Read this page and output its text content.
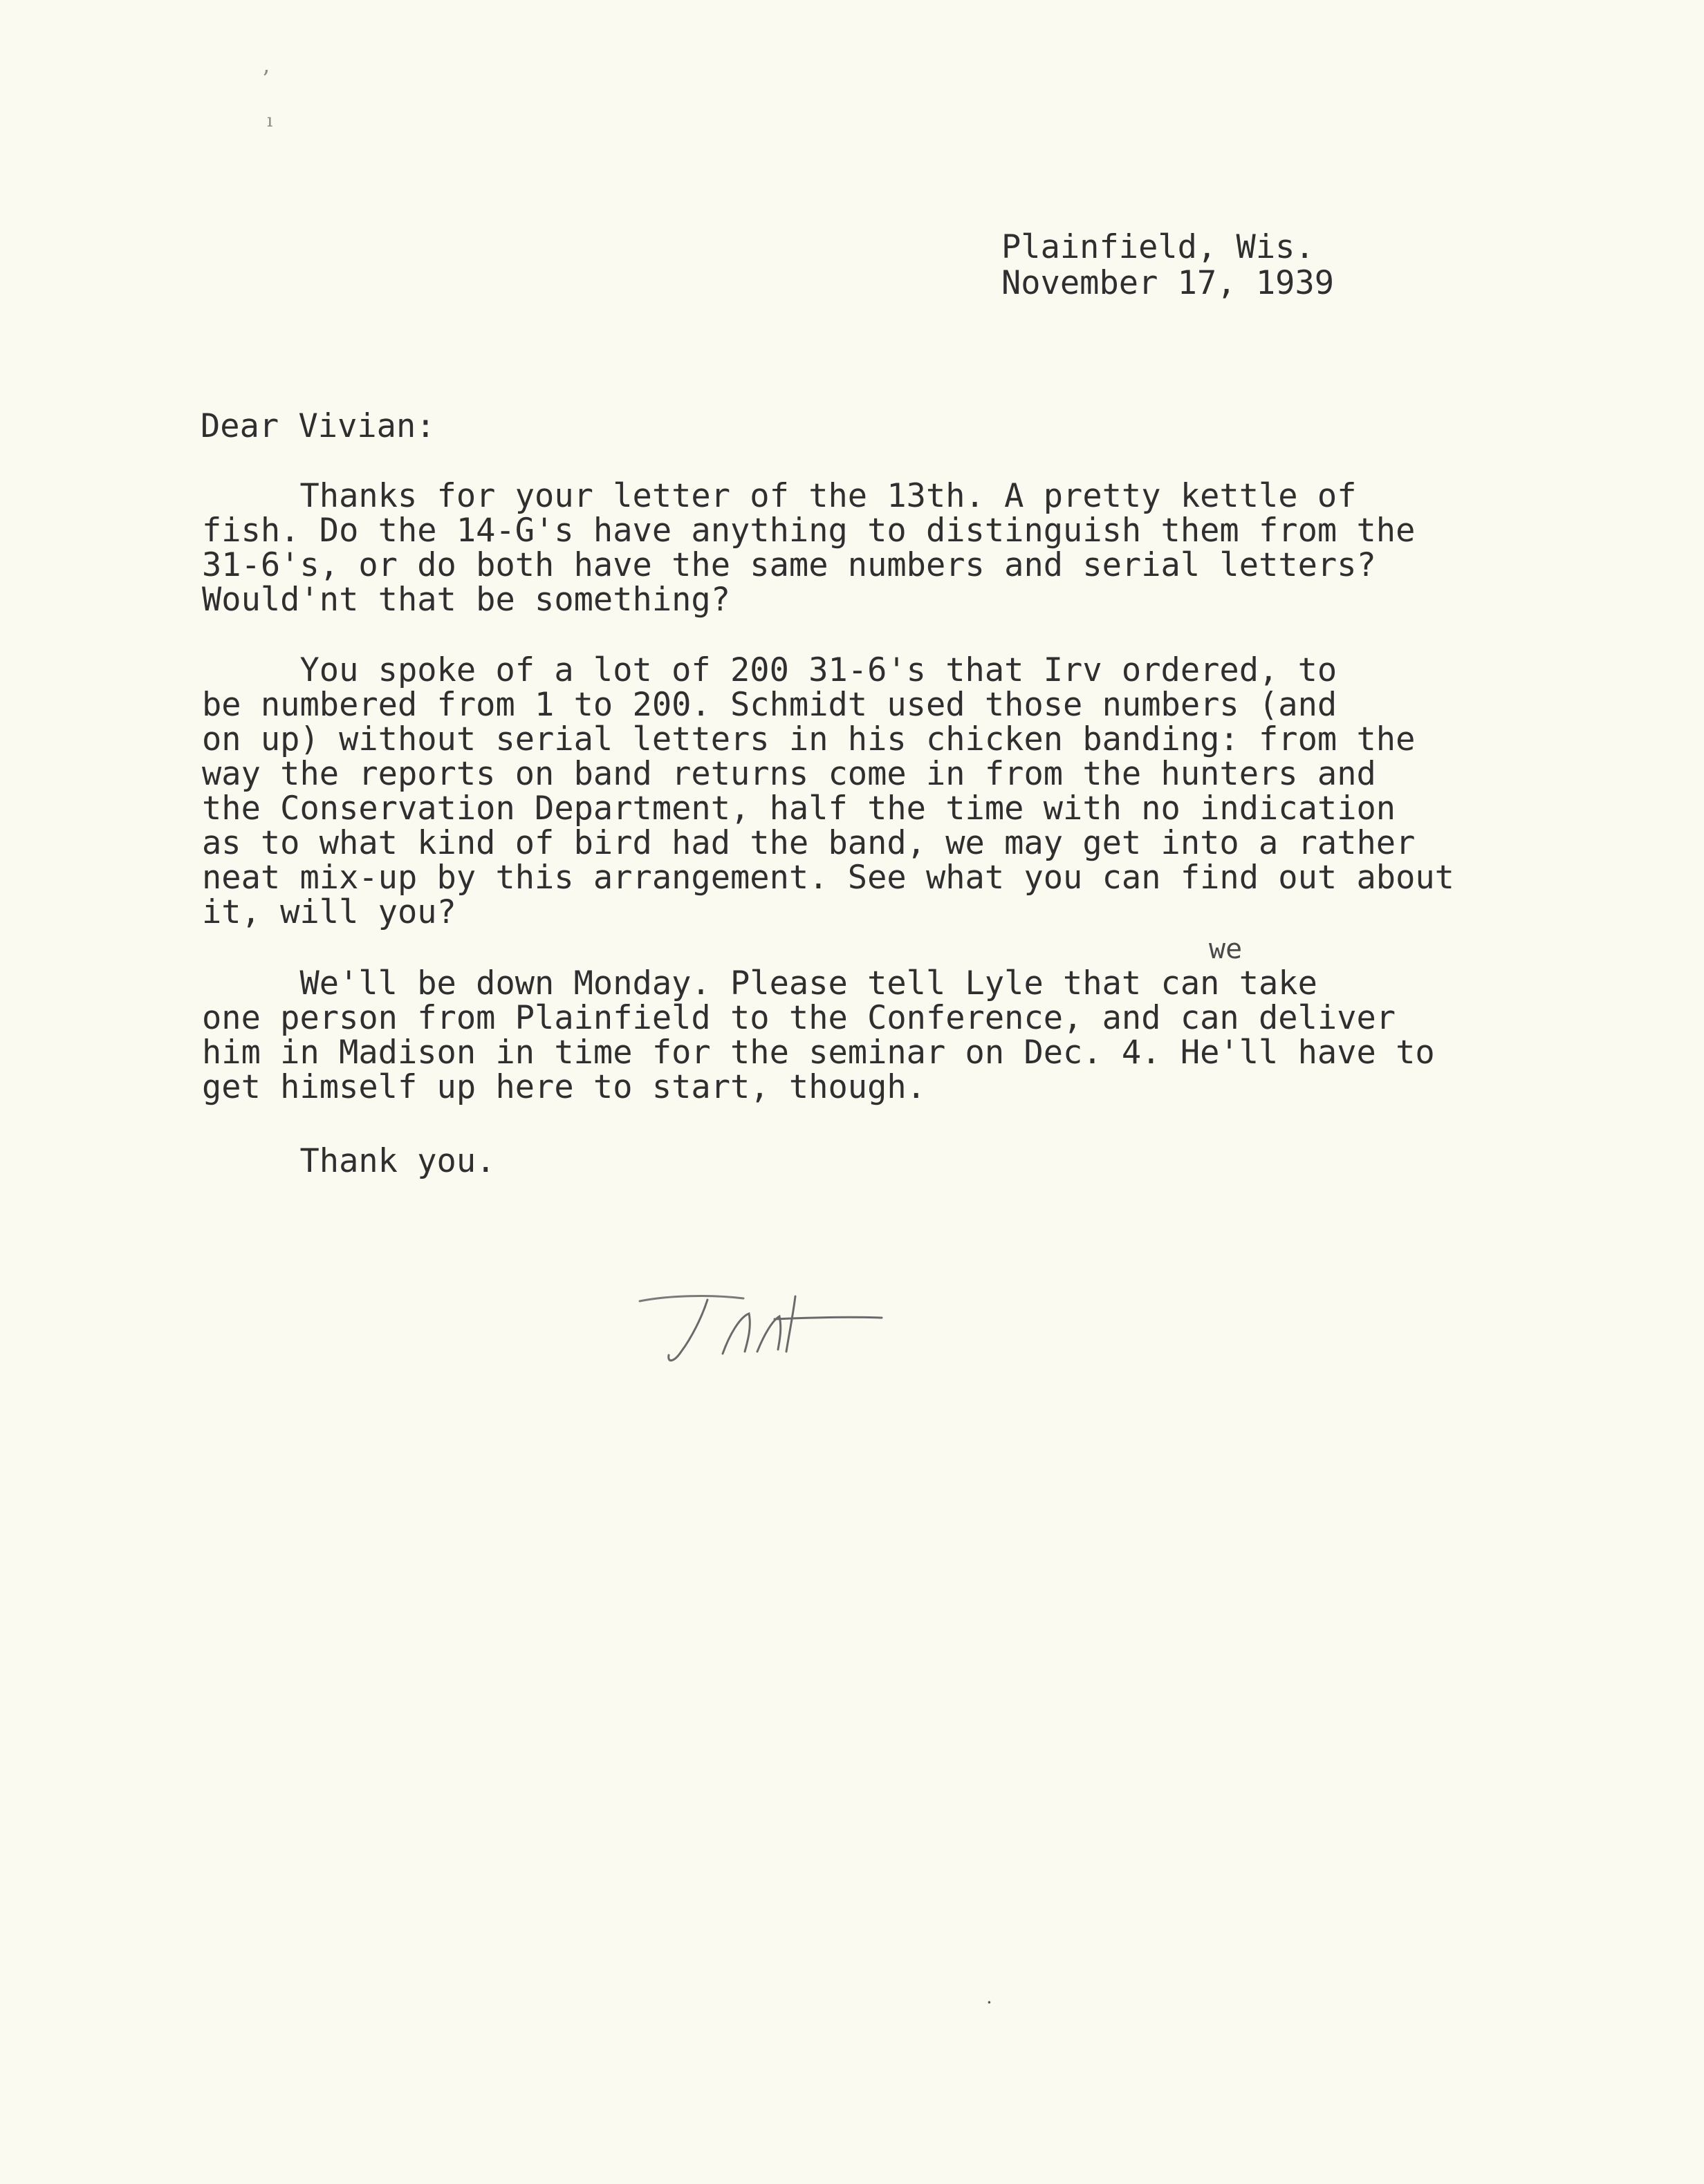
ʼ
ı
Plainfield, Wis.
November 17, 1939
Dear Vivian:
Thanks for your letter of the 13th. A pretty kettle of
fish. Do the 14-G's have anything to distinguish them from the
31-6's, or do both have the same numbers and serial letters?
Would'nt that be something?
You spoke of a lot of 200 31-6's that Irv ordered, to
be numbered from 1 to 200. Schmidt used those numbers (and
on up) without serial letters in his chicken banding: from the
way the reports on band returns come in from the hunters and
the Conservation Department, half the time with no indication
as to what kind of bird had the band, we may get into a rather
neat mix-up by this arrangement. See what you can find out about
it, will you?
we
We'll be down Monday. Please tell Lyle that can take
one person from Plainfield to the Conference, and can deliver
him in Madison in time for the seminar on Dec. 4. He'll have to
get himself up here to start, though.
Thank you.
·
